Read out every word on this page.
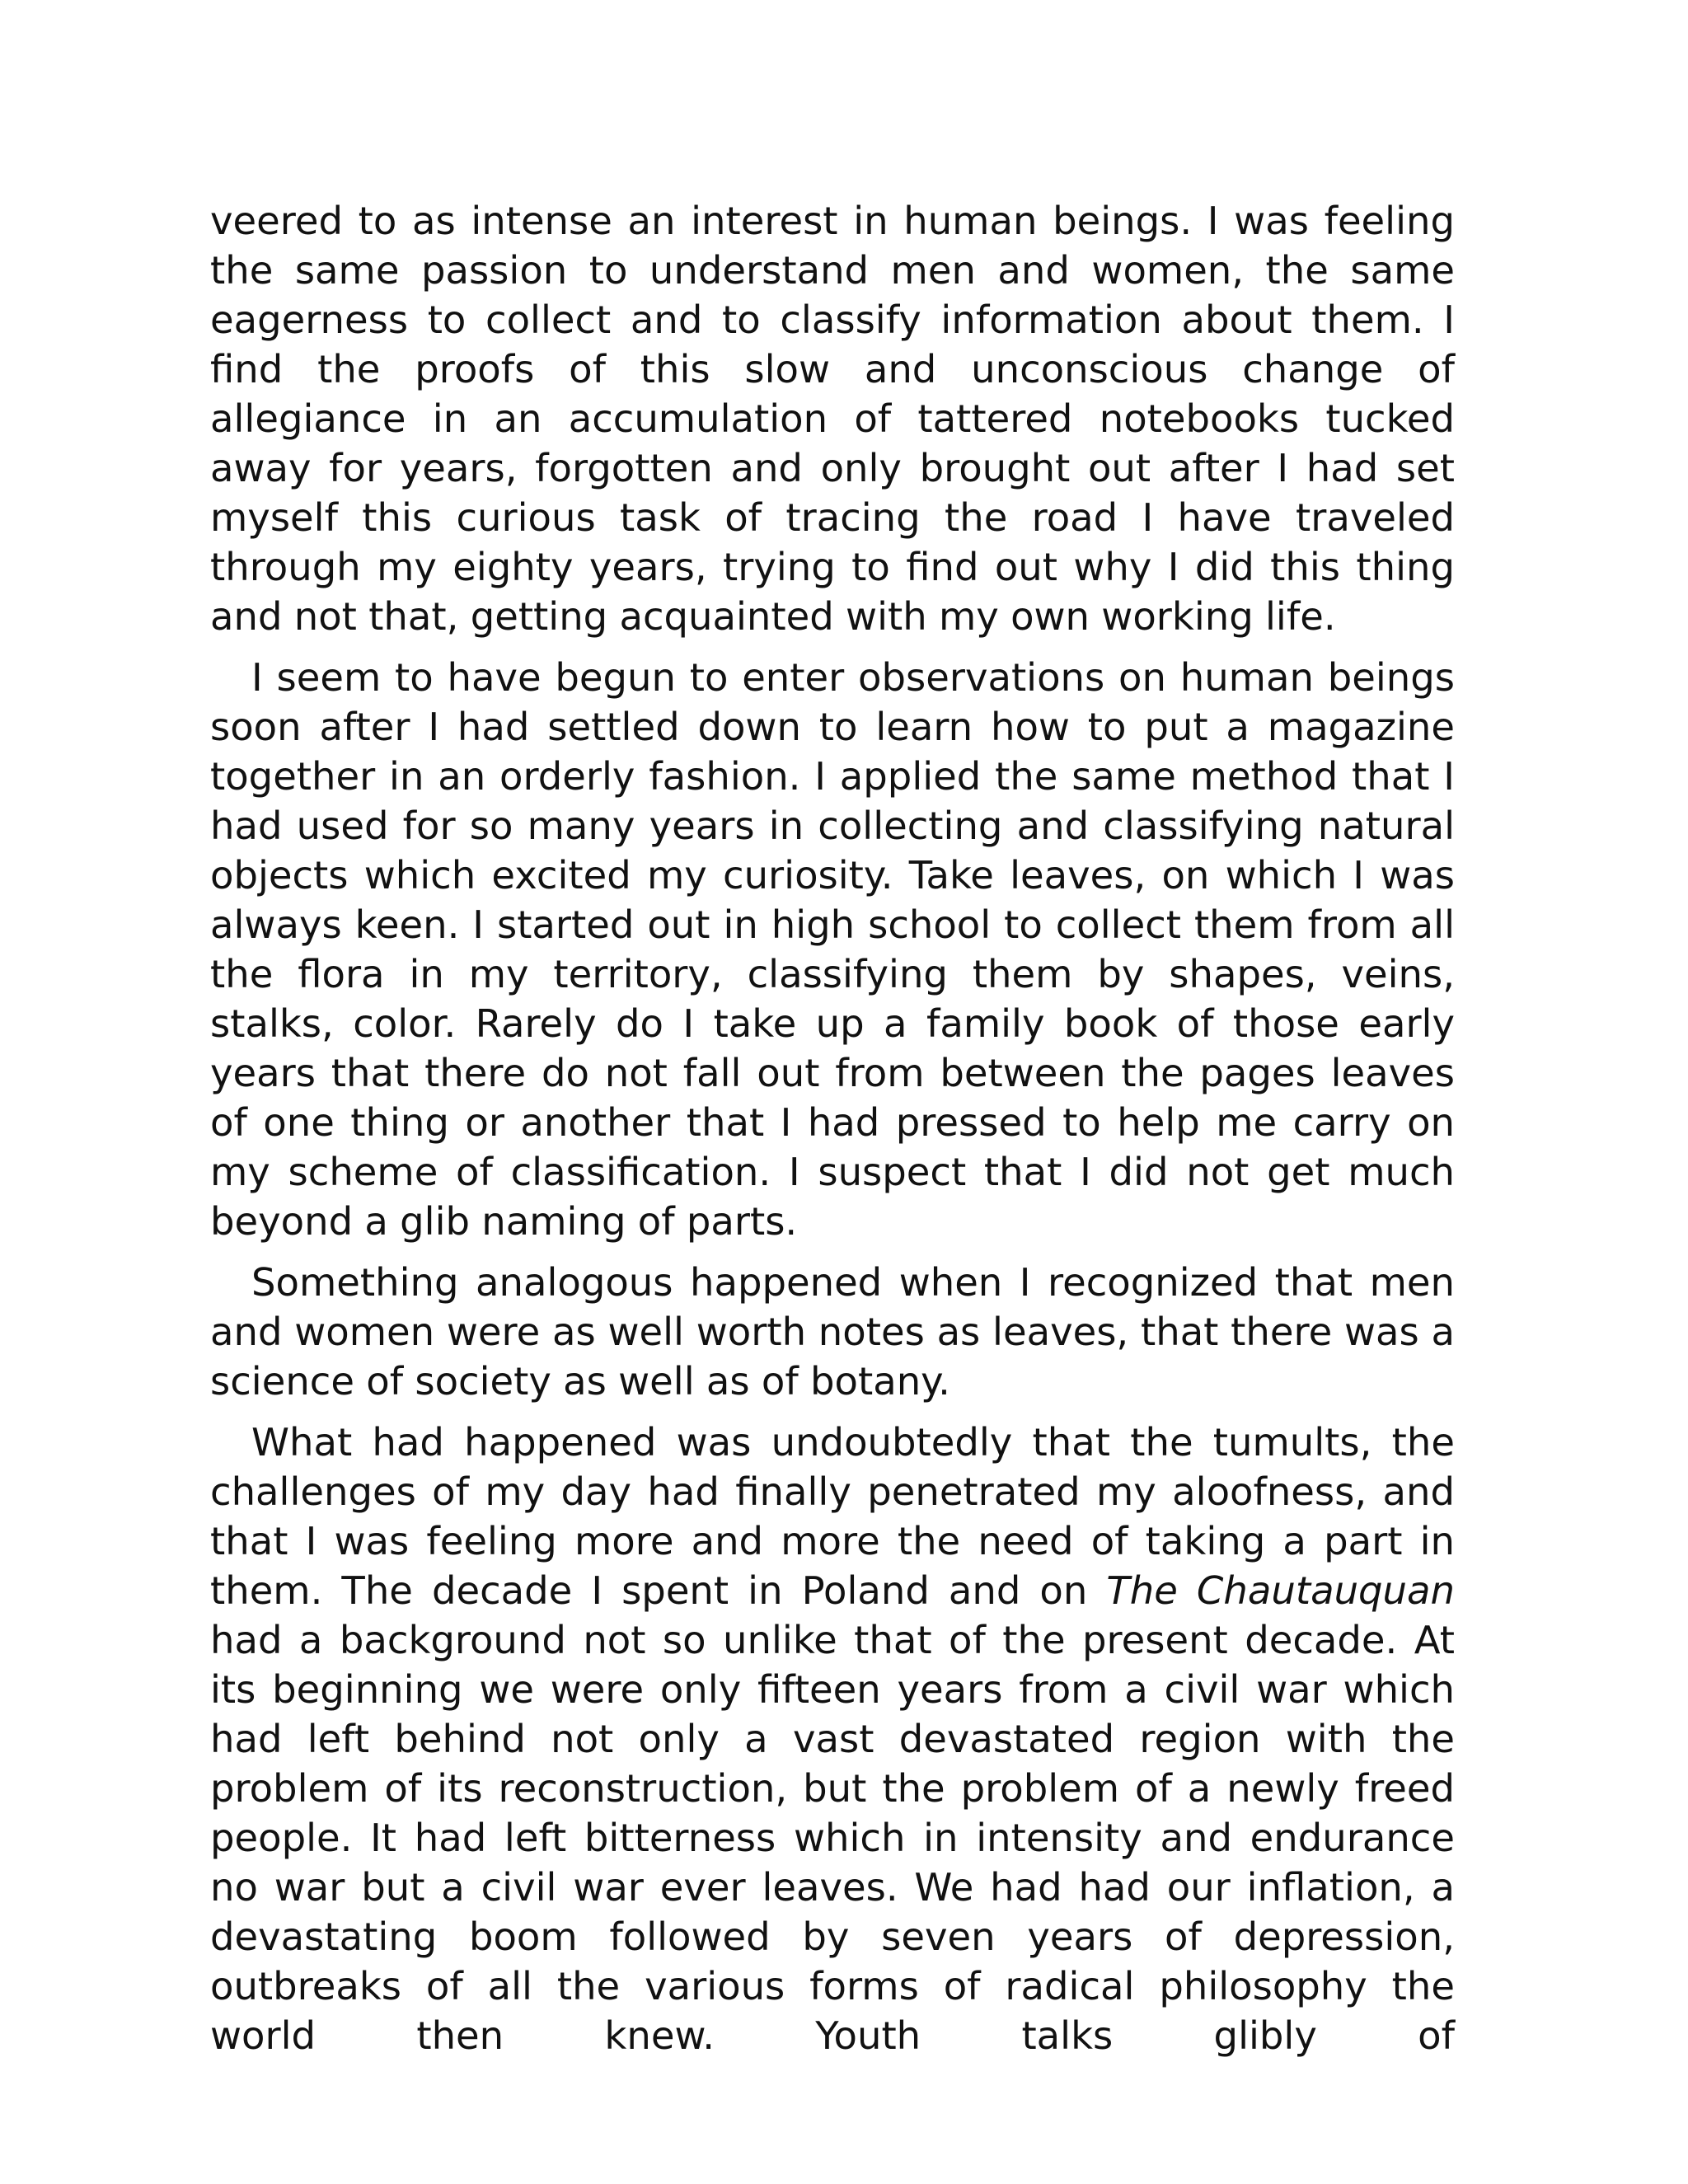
veered to as intense an interest in human beings. I was feeling the same passion to understand men and women, the same eagerness to collect and to classify information about them. I find the proofs of this slow and unconscious change of allegiance in an accumulation of tattered notebooks tucked away for years, forgotten and only brought out after I had set myself this curious task of tracing the road I have traveled through my eighty years, trying to find out why I did this thing and not that, getting acquainted with my own working life.

I seem to have begun to enter observations on human beings soon after I had settled down to learn how to put a magazine together in an orderly fashion. I applied the same method that I had used for so many years in collecting and classifying natural objects which excited my curiosity. Take leaves, on which I was always keen. I started out in high school to collect them from all the flora in my territory, classifying them by shapes, veins, stalks, color. Rarely do I take up a family book of those early years that there do not fall out from between the pages leaves of one thing or another that I had pressed to help me carry on my scheme of classification. I suspect that I did not get much beyond a glib naming of parts.

Something analogous happened when I recognized that men and women were as well worth notes as leaves, that there was a science of society as well as of botany.

What had happened was undoubtedly that the tumults, the challenges of my day had finally penetrated my aloofness, and that I was feeling more and more the need of taking a part in them. The decade I spent in Poland and on The Chautauquan had a background not so unlike that of the present decade. At its beginning we were only fifteen years from a civil war which had left behind not only a vast devastated region with the problem of its reconstruction, but the problem of a newly freed people. It had left bitterness which in intensity and endurance no war but a civil war ever leaves. We had had our inflation, a devastating boom followed by seven years of depression, outbreaks of all the various forms of radical philosophy the world then knew. Youth talks glibly of
